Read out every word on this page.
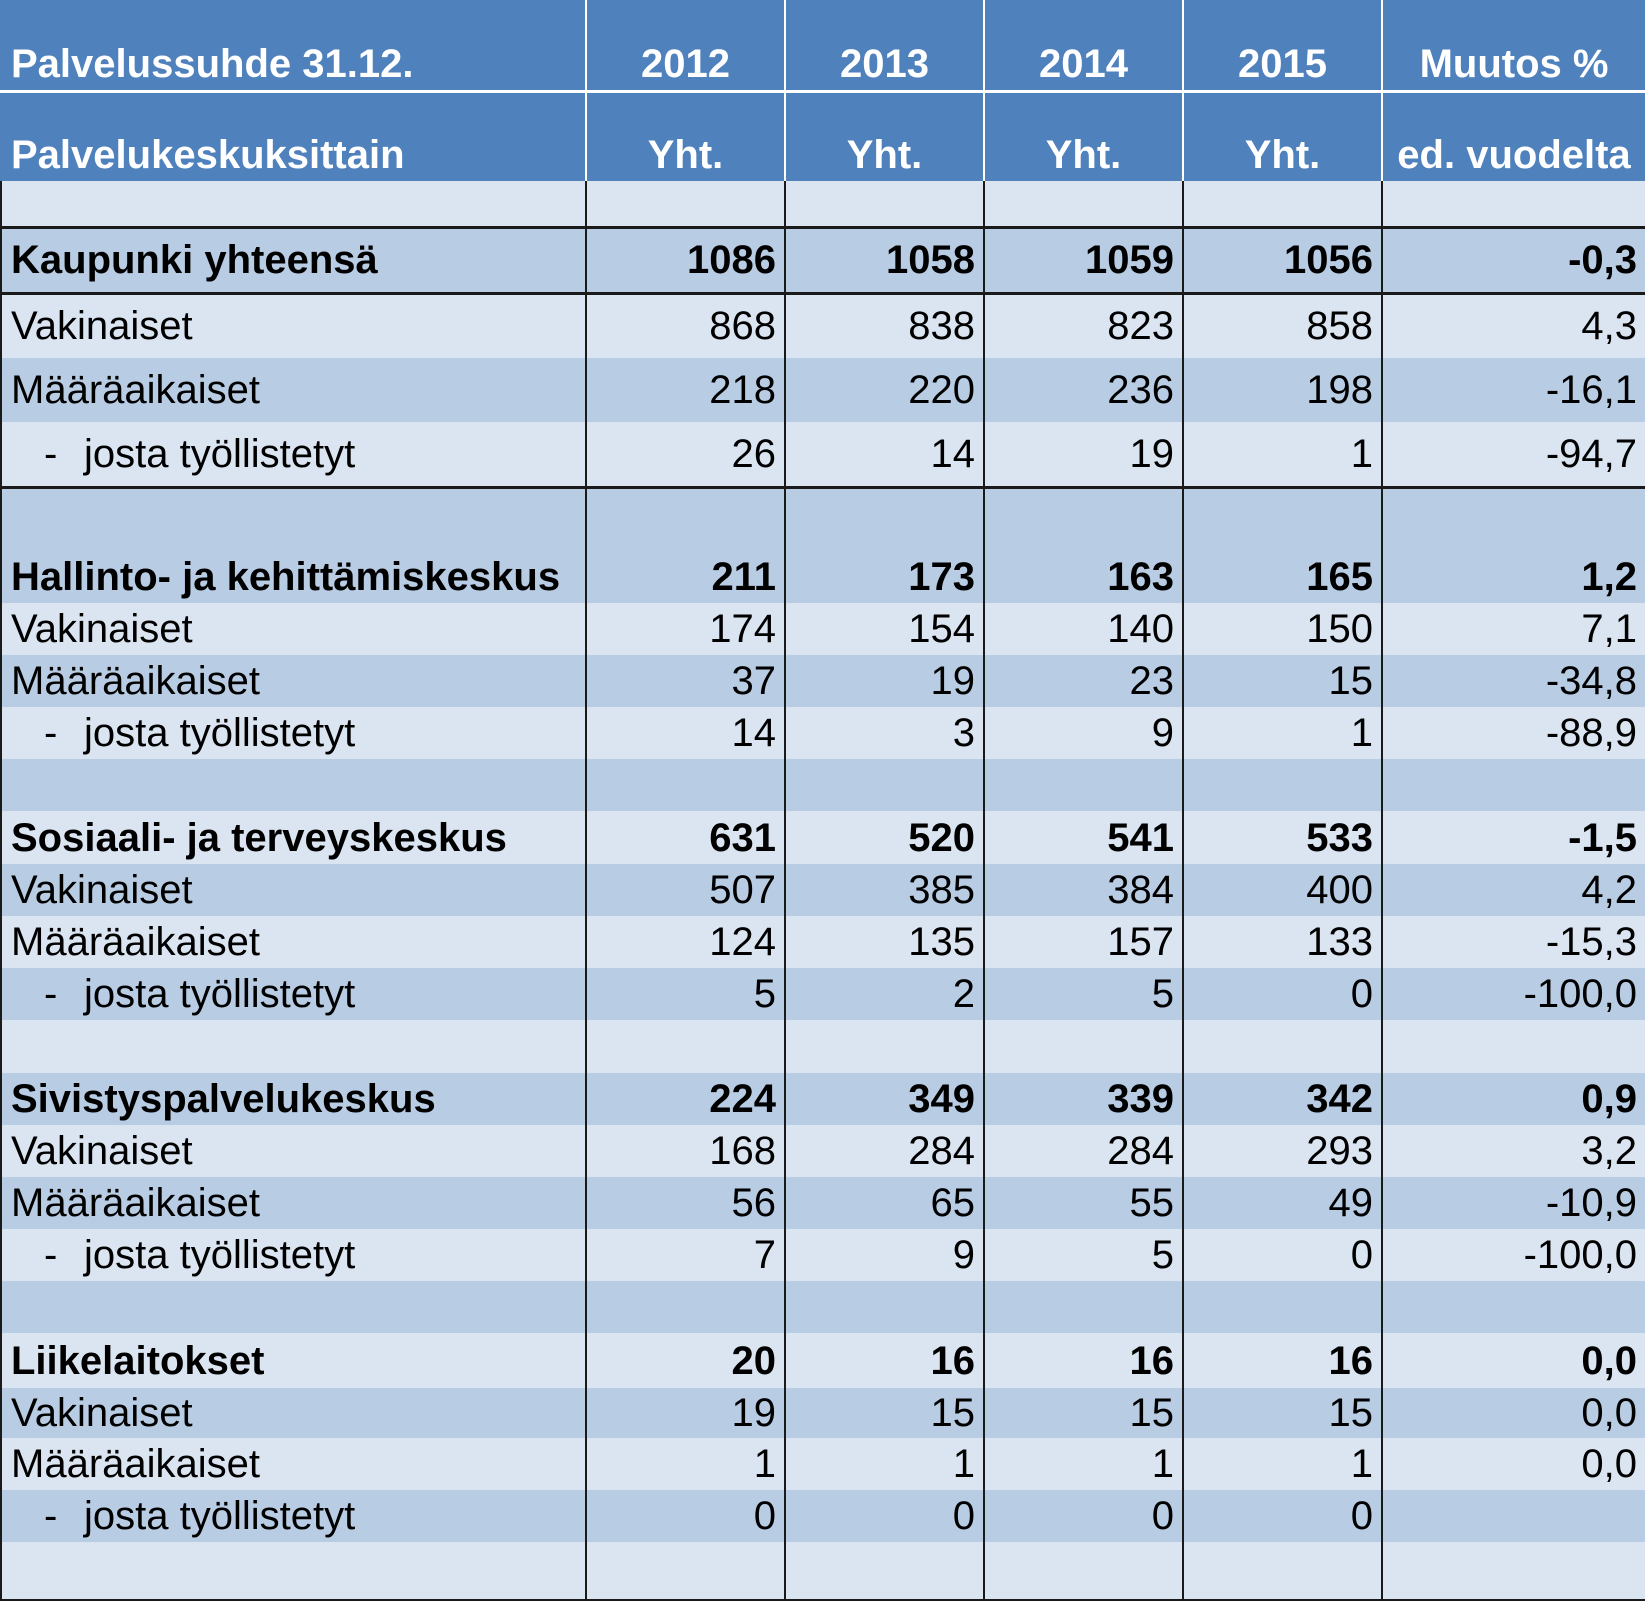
Palvelussuhde 31.12.	2012	2013	2014	2015	Muutos %
Palvelukeskuksittain	Yht.	Yht.	Yht.	Yht.	ed. vuodelta

Kaupunki yhteensä	1086	1058	1059	1056	-0,3
Vakinaiset	868	838	823	858	4,3
Määräaikaiset	218	220	236	198	-16,1
- josta työllistetyt	26	14	19	1	-94,7
Hallinto- ja kehittämiskeskus	211	173	163	165	1,2
Vakinaiset	174	154	140	150	7,1
Määräaikaiset	37	19	23	15	-34,8
- josta työllistetyt	14	3	9	1	-88,9

Sosiaali- ja terveyskeskus	631	520	541	533	-1,5
Vakinaiset	507	385	384	400	4,2
Määräaikaiset	124	135	157	133	-15,3
- josta työllistetyt	5	2	5	0	-100,0

Sivistyspalvelukeskus	224	349	339	342	0,9
Vakinaiset	168	284	284	293	3,2
Määräaikaiset	56	65	55	49	-10,9
- josta työllistetyt	7	9	5	0	-100,0

Liikelaitokset	20	16	16	16	0,0
Vakinaiset	19	15	15	15	0,0
Määräaikaiset	1	1	1	1	0,0
- josta työllistetyt	0	0	0	0	
